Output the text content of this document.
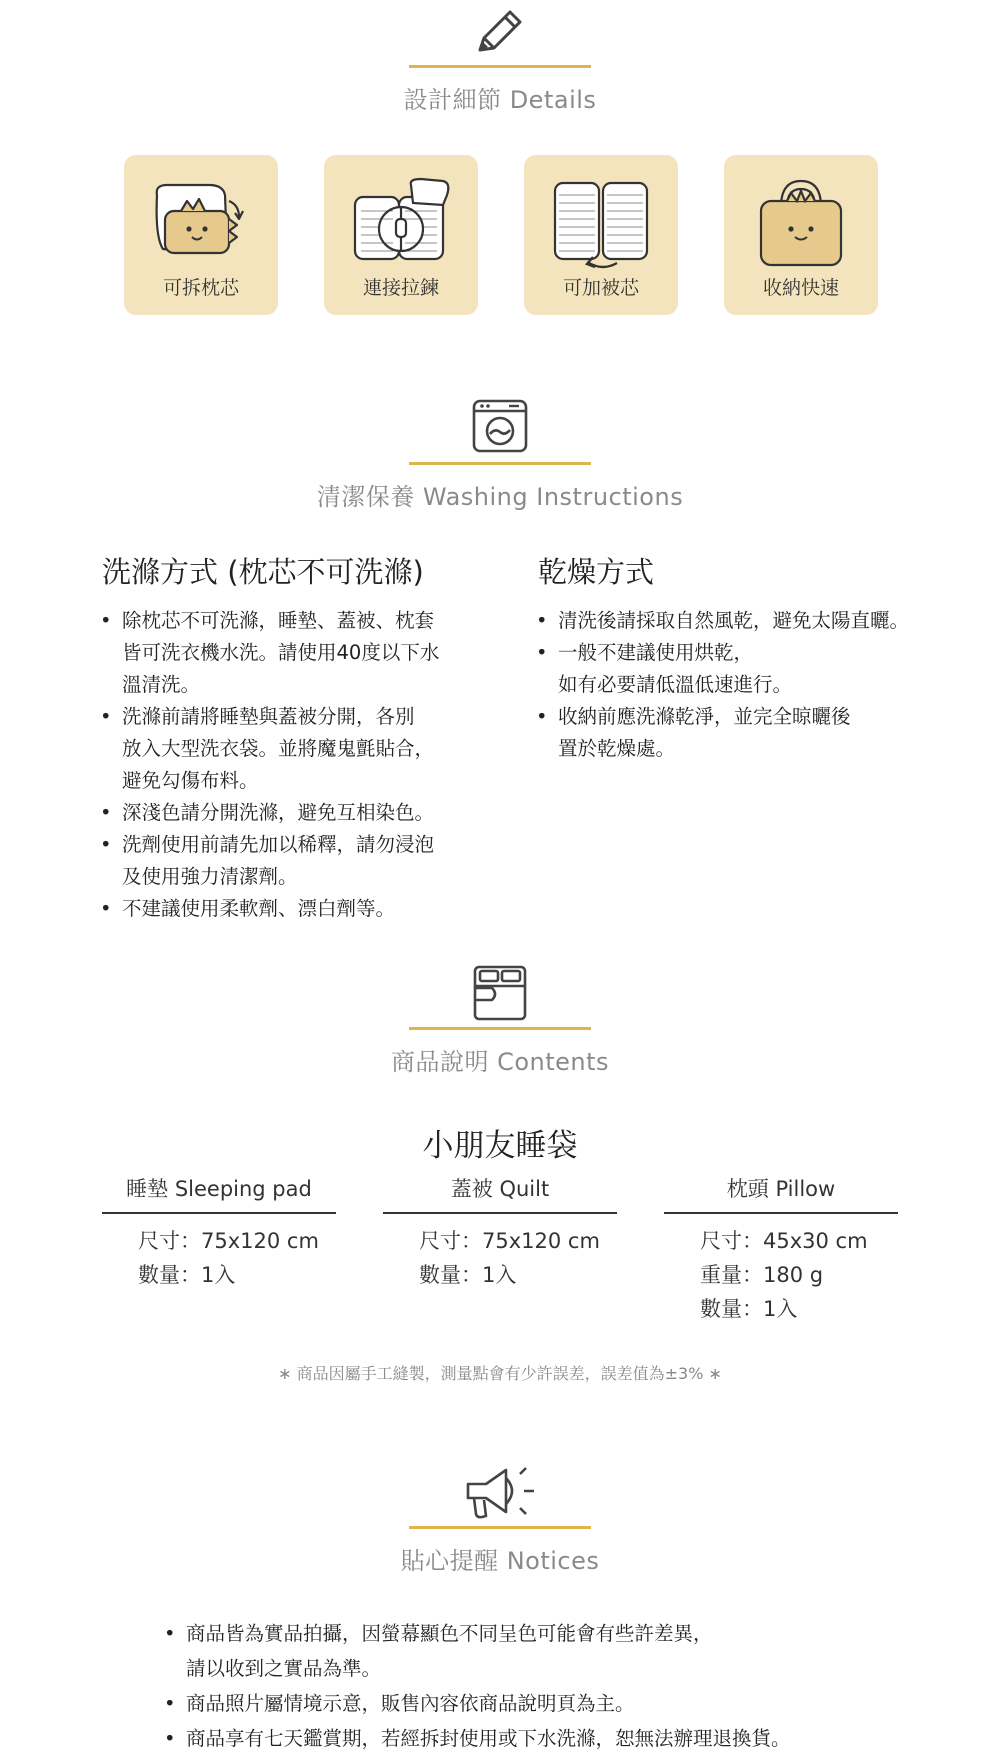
設計細節 Details
可拆枕芯	連接拉鍊	可加被芯	收納快速
清潔保養 Washing Instructions
洗滌方式 (枕芯不可洗滌)
• 除枕芯不可洗滌，睡墊、蓋被、枕套
皆可洗衣機水洗。請使用40度以下水
溫清洗。
• 洗滌前請將睡墊與蓋被分開，各別
放入大型洗衣袋。並將魔鬼氈貼合，
避免勾傷布料。
• 深淺色請分開洗滌，避免互相染色。
• 洗劑使用前請先加以稀釋，請勿浸泡
及使用強力清潔劑。
• 不建議使用柔軟劑、漂白劑等。
乾燥方式
• 清洗後請採取自然風乾，避免太陽直曬。
• 一般不建議使用烘乾，
如有必要請低溫低速進行。
• 收納前應洗滌乾淨，並完全晾曬後
置於乾燥處。
商品說明 Contents
小朋友睡袋
睡墊 Sleeping pad
尺寸：75x120 cm
數量：1入
蓋被 Quilt
尺寸：75x120 cm
數量：1入
枕頭 Pillow
尺寸：45x30 cm
重量：180 g
數量：1入
∗ 商品因屬手工縫製，測量點會有少許誤差，誤差值為±3% ∗
貼心提醒 Notices
• 商品皆為實品拍攝，因螢幕顯色不同呈色可能會有些許差異，
請以收到之實品為準。
• 商品照片屬情境示意，販售內容依商品說明頁為主。
• 商品享有七天鑑賞期，若經拆封使用或下水洗滌，恕無法辦理退換貨。
